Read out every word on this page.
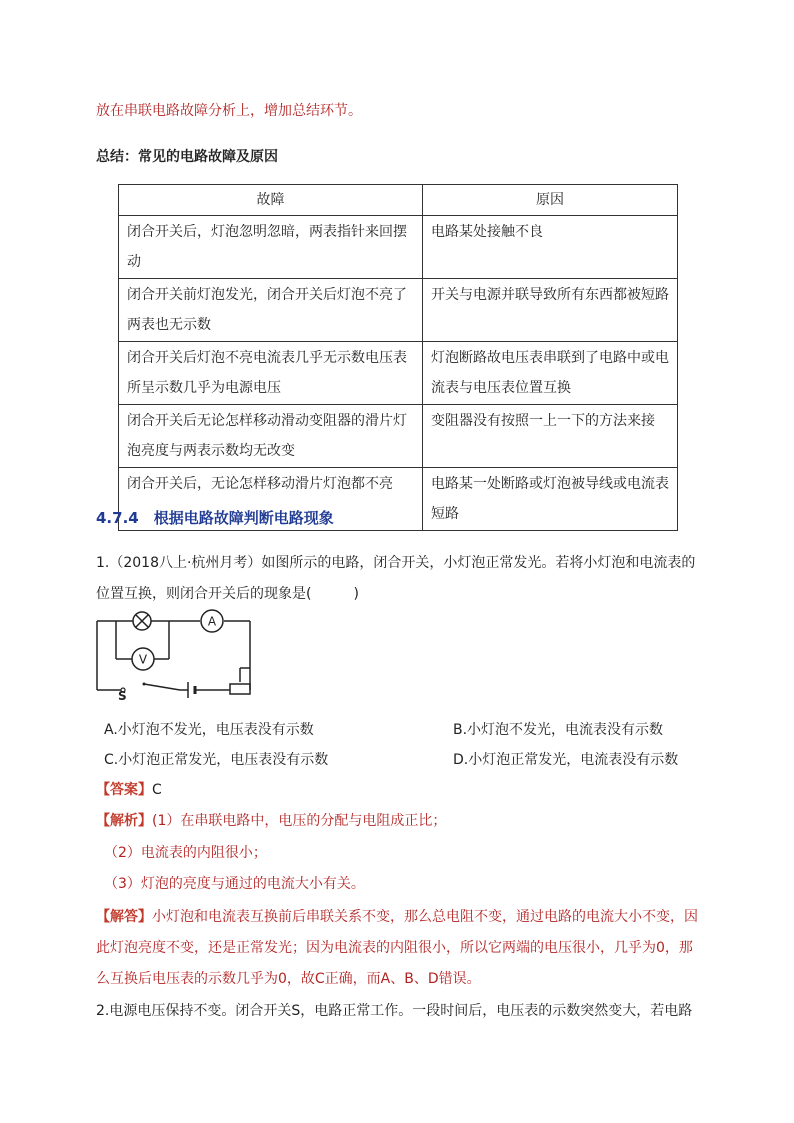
放在串联电路故障分析上，增加总结环节。
总结：常见的电路故障及原因
故障	原因
闭合开关后，灯泡忽明忽暗，两表指针来回摆动	电路某处接触不良
闭合开关前灯泡发光，闭合开关后灯泡不亮了两表也无示数	开关与电源并联导致所有东西都被短路
闭合开关后灯泡不亮电流表几乎无示数电压表所呈示数几乎为电源电压	灯泡断路故电压表串联到了电路中或电流表与电压表位置互换
闭合开关后无论怎样移动滑动变阻器的滑片灯泡亮度与两表示数均无改变	变阻器没有按照一上一下的方法来接
闭合开关后，无论怎样移动滑片灯泡都不亮	电路某一处断路或灯泡被导线或电流表短路
4.7.4　根据电路故障判断电路现象
1.（2018八上·杭州月考）如图所示的电路，闭合开关，小灯泡正常发光。若将小灯泡和电流表的位置互换，则闭合开关后的现象是(　　　)
A
V
S
A.小灯泡不发光，电压表没有示数	B.小灯泡不发光，电流表没有示数
C.小灯泡正常发光，电压表没有示数	D.小灯泡正常发光，电流表没有示数
【答案】C
【解析】(1）在串联电路中，电压的分配与电阻成正比；
（2）电流表的内阻很小；
（3）灯泡的亮度与通过的电流大小有关。
【解答】小灯泡和电流表互换前后串联关系不变，那么总电阻不变，通过电路的电流大小不变，因此灯泡亮度不变，还是正常发光；因为电流表的内阻很小，所以它两端的电压很小，几乎为0，那么互换后电压表的示数几乎为0，故C正确，而A、B、D错误。
2.电源电压保持不变。闭合开关S，电路正常工作。一段时间后，电压表的示数突然变大，若电路
